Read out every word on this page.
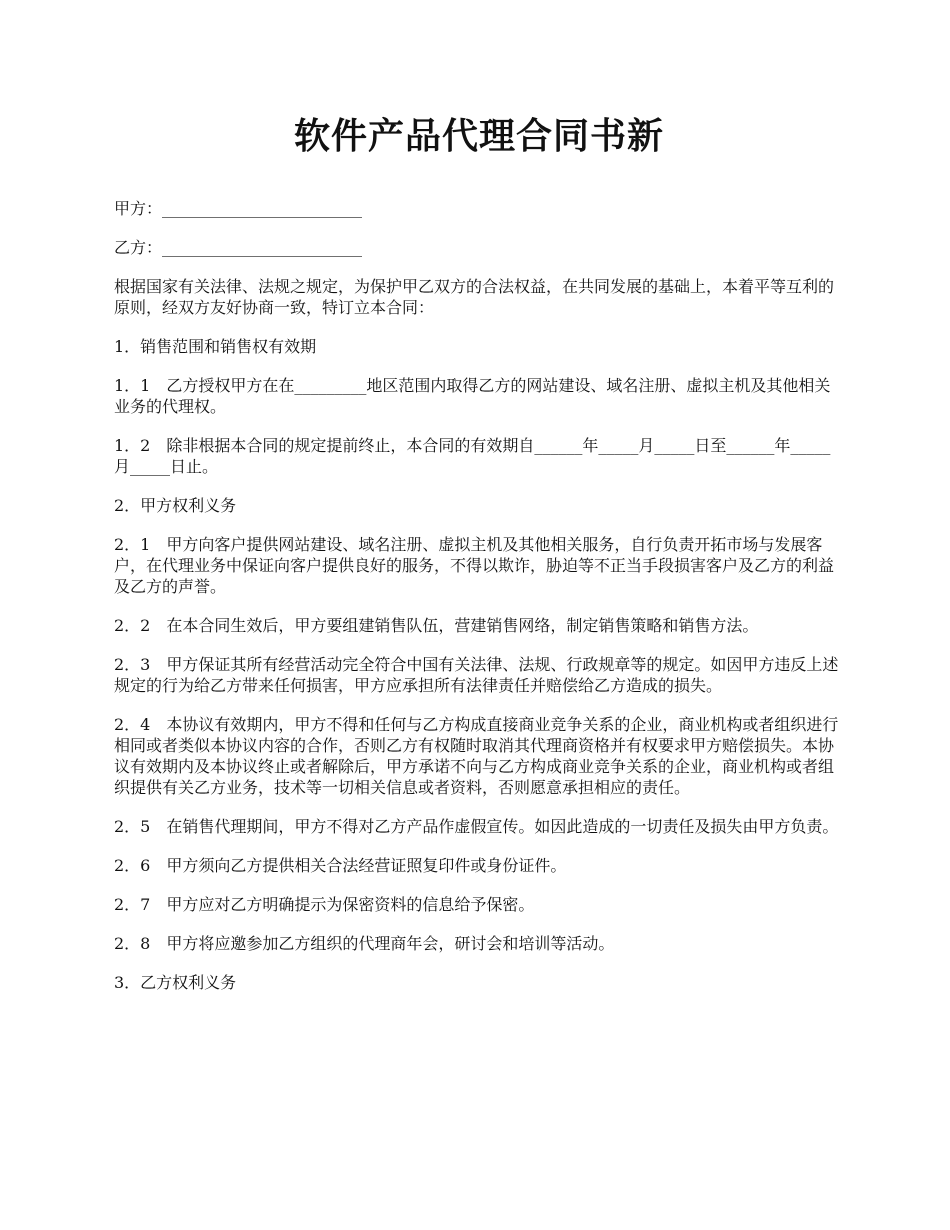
软件产品代理合同书新

甲方：_________________________

乙方：_________________________

根据国家有关法律、法规之规定，为保护甲乙双方的合法权益，在共同发展的基础上，本着平等互利的原则，经双方友好协商一致，特订立本合同：

1．销售范围和销售权有效期

1．1　乙方授权甲方在在_________地区范围内取得乙方的网站建设、域名注册、虚拟主机及其他相关业务的代理权。

1．2　除非根据本合同的规定提前终止，本合同的有效期自______年_____月_____日至______年_____月_____日止。

2．甲方权利义务

2．1　甲方向客户提供网站建设、域名注册、虚拟主机及其他相关服务，自行负责开拓市场与发展客户，在代理业务中保证向客户提供良好的服务，不得以欺诈，胁迫等不正当手段损害客户及乙方的利益及乙方的声誉。

2．2　在本合同生效后，甲方要组建销售队伍，营建销售网络，制定销售策略和销售方法。

2．3　甲方保证其所有经营活动完全符合中国有关法律、法规、行政规章等的规定。如因甲方违反上述规定的行为给乙方带来任何损害，甲方应承担所有法律责任并赔偿给乙方造成的损失。

2．4　本协议有效期内，甲方不得和任何与乙方构成直接商业竞争关系的企业，商业机构或者组织进行相同或者类似本协议内容的合作，否则乙方有权随时取消其代理商资格并有权要求甲方赔偿损失。本协议有效期内及本协议终止或者解除后，甲方承诺不向与乙方构成商业竞争关系的企业，商业机构或者组织提供有关乙方业务，技术等一切相关信息或者资料，否则愿意承担相应的责任。

2．5　在销售代理期间，甲方不得对乙方产品作虚假宣传。如因此造成的一切责任及损失由甲方负责。

2．6　甲方须向乙方提供相关合法经营证照复印件或身份证件。

2．7　甲方应对乙方明确提示为保密资料的信息给予保密。

2．8　甲方将应邀参加乙方组织的代理商年会，研讨会和培训等活动。

3．乙方权利义务
